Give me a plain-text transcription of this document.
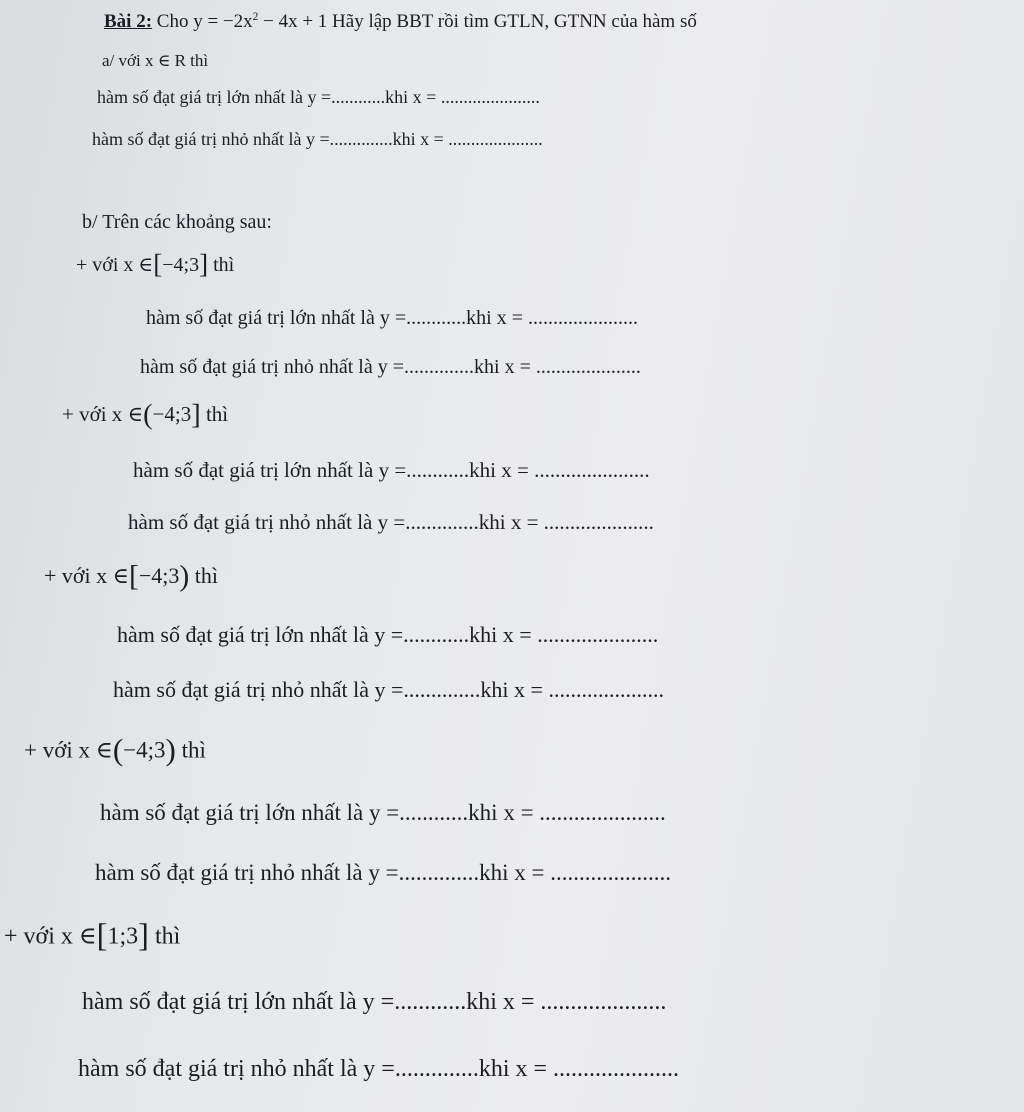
Bài 2: Cho $y = -2x^2 - 4x + 1$ Hãy lập BBT rồi tìm GTLN, GTNN của hàm số
a/ với x ∈ R thì
hàm số đạt giá trị lớn nhất là y =............khi x = ......................
hàm số đạt giá trị nhỏ nhất là y =..............khi x = .....................
b/ Trên các khoảng sau:
+ với x ∈[−4;3] thì
hàm số đạt giá trị lớn nhất là y =............khi x = ......................
hàm số đạt giá trị nhỏ nhất là y =..............khi x = .....................
+ với x ∈(−4;3] thì
hàm số đạt giá trị lớn nhất là y =............khi x = ......................
hàm số đạt giá trị nhỏ nhất là y =..............khi x = .....................
+ với x ∈[−4;3) thì
hàm số đạt giá trị lớn nhất là y =............khi x = ......................
hàm số đạt giá trị nhỏ nhất là y =..............khi x = .....................
+ với x ∈(−4;3) thì
hàm số đạt giá trị lớn nhất là y =............khi x = ......................
hàm số đạt giá trị nhỏ nhất là y =..............khi x = .....................
+ với x ∈[1;3] thì
hàm số đạt giá trị lớn nhất là y =............khi x = .....................
hàm số đạt giá trị nhỏ nhất là y =..............khi x = .....................
